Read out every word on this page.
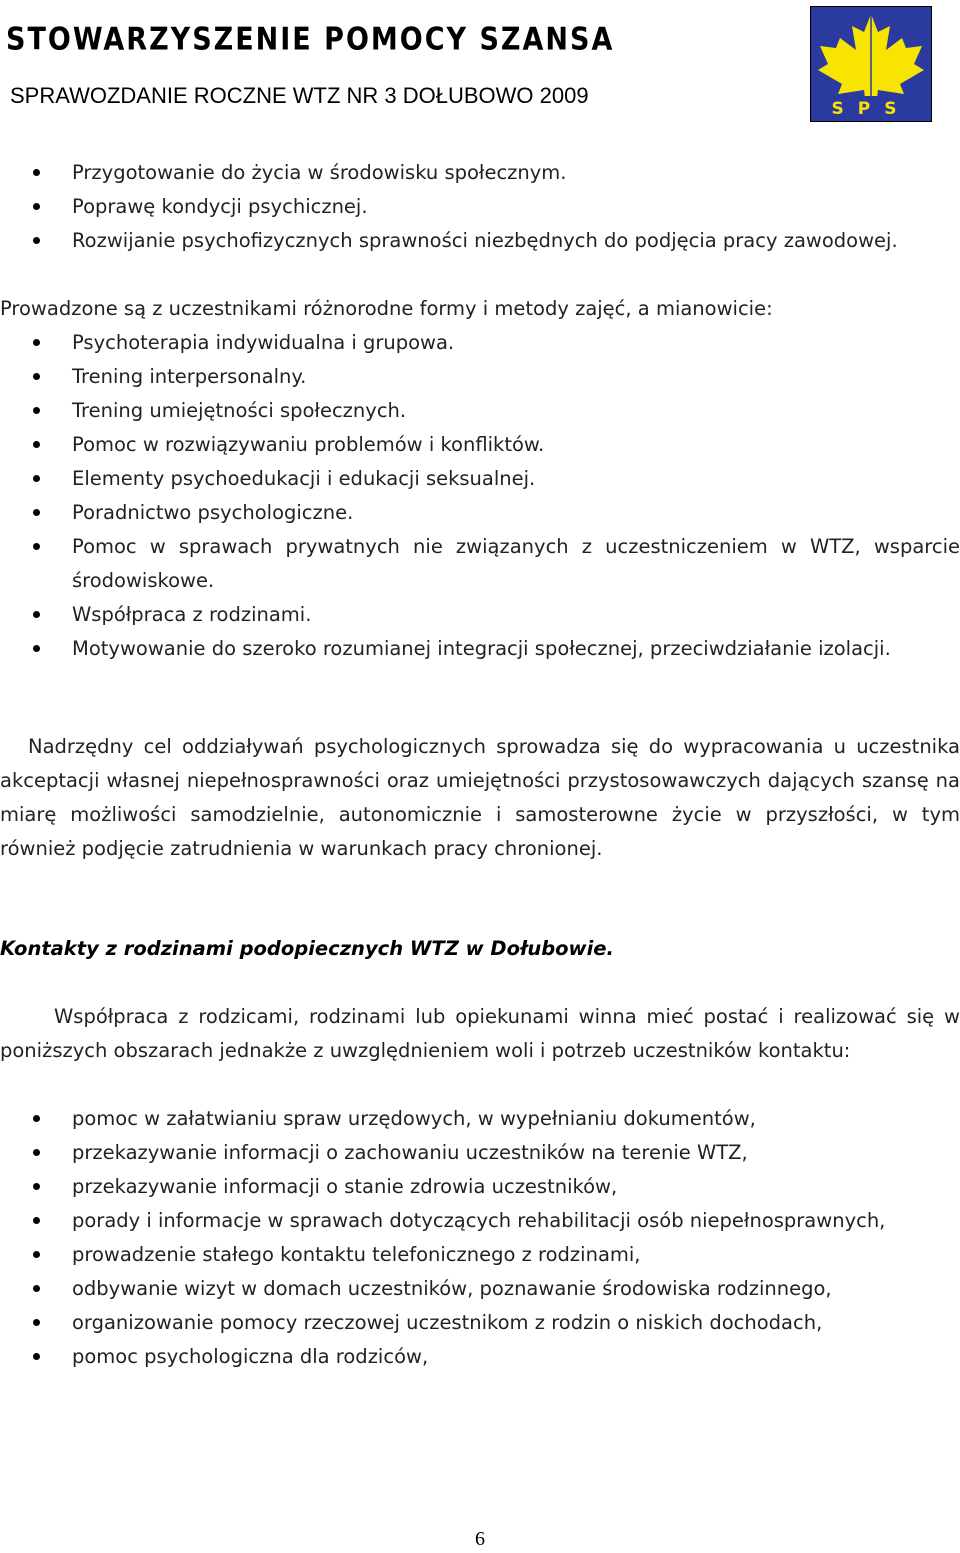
STOWARZYSZENIE POMOCY SZANSA
SPRAWOZDANIE ROCZNE WTZ NR 3 DOŁUBOWO 2009
SPS
Przygotowanie do życia w środowisku społecznym.
Poprawę kondycji psychicznej.
Rozwijanie psychofizycznych sprawności niezbędnych do podjęcia pracy zawodowej.
Prowadzone są z uczestnikami różnorodne formy i metody zajęć, a mianowicie:
Psychoterapia indywidualna i grupowa.
Trening interpersonalny.
Trening umiejętności społecznych.
Pomoc w rozwiązywaniu problemów i konfliktów.
Elementy psychoedukacji i edukacji seksualnej.
Poradnictwo psychologiczne.
Pomoc w sprawach prywatnych nie związanych z uczestniczeniem w WTZ, wsparcie środowiskowe.
Współpraca z rodzinami.
Motywowanie do szeroko rozumianej integracji społecznej, przeciwdziałanie izolacji.

Nadrzędny cel oddziaływań psychologicznych sprowadza się do wypracowania u uczestnika akceptacji własnej niepełnosprawności oraz umiejętności przystosowawczych dających szansę na miarę możliwości samodzielnie, autonomicznie i samosterowne życie w przyszłości, w tym również podjęcie zatrudnienia w warunkach pracy chronionej.

Kontakty z rodzinami podopiecznych WTZ w Dołubowie.

Współpraca z rodzicami, rodzinami lub opiekunami winna mieć postać i realizować się w poniższych obszarach jednakże z uwzględnieniem woli i potrzeb uczestników kontaktu:

pomoc w załatwianiu spraw urzędowych, w wypełnianiu dokumentów,
przekazywanie informacji o zachowaniu uczestników na terenie WTZ,
przekazywanie informacji o stanie zdrowia uczestników,
porady i informacje w sprawach dotyczących rehabilitacji osób niepełnosprawnych,
prowadzenie stałego kontaktu telefonicznego z rodzinami,
odbywanie wizyt w domach uczestników, poznawanie środowiska rodzinnego,
organizowanie pomocy rzeczowej uczestnikom z rodzin o niskich dochodach,
pomoc psychologiczna dla rodziców,
6
